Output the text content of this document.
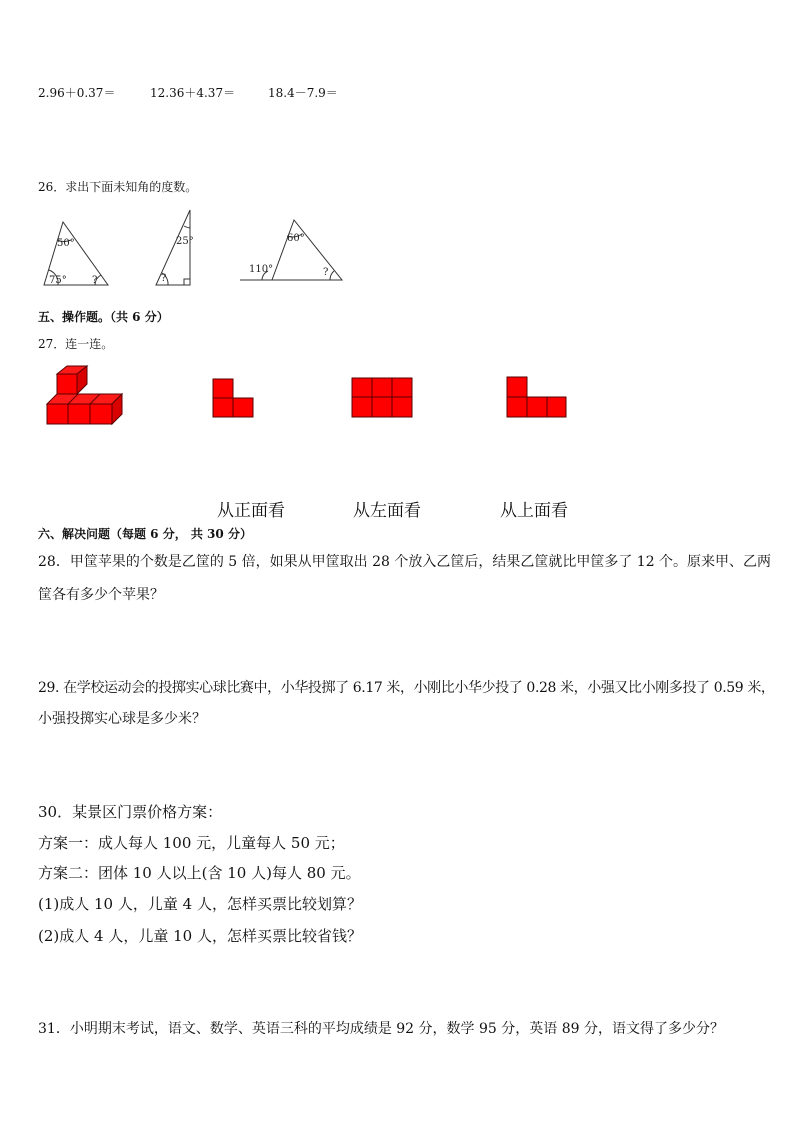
2.96＋0.37＝	12.36＋4.37＝	18.4－7.9＝
26．求出下面未知角的度数。
50°
75°	?
25°
?
60°
110°	?
五、操作题。（共 6 分）
27．连一连。
从正面看	从左面看	从上面看
六、解决问题（每题 6 分， 共 30 分）
28．甲筐苹果的个数是乙筐的 5 倍，如果从甲筐取出 28 个放入乙筐后，结果乙筐就比甲筐多了 12 个。原来甲、乙两
筐各有多少个苹果？
29. 在学校运动会的投掷实心球比赛中，小华投掷了 6.17 米，小刚比小华少投了 0.28 米，小强又比小刚多投了 0.59 米，
小强投掷实心球是多少米？
30．某景区门票价格方案：
方案一：成人每人 100 元，儿童每人 50 元；
方案二：团体 10 人以上(含 10 人)每人 80 元。
(1)成人 10 人，儿童 4 人，怎样买票比较划算？
(2)成人 4 人，儿童 10 人，怎样买票比较省钱？
31．小明期末考试，语文、数学、英语三科的平均成绩是 92 分，数学 95 分，英语 89 分，语文得了多少分？
